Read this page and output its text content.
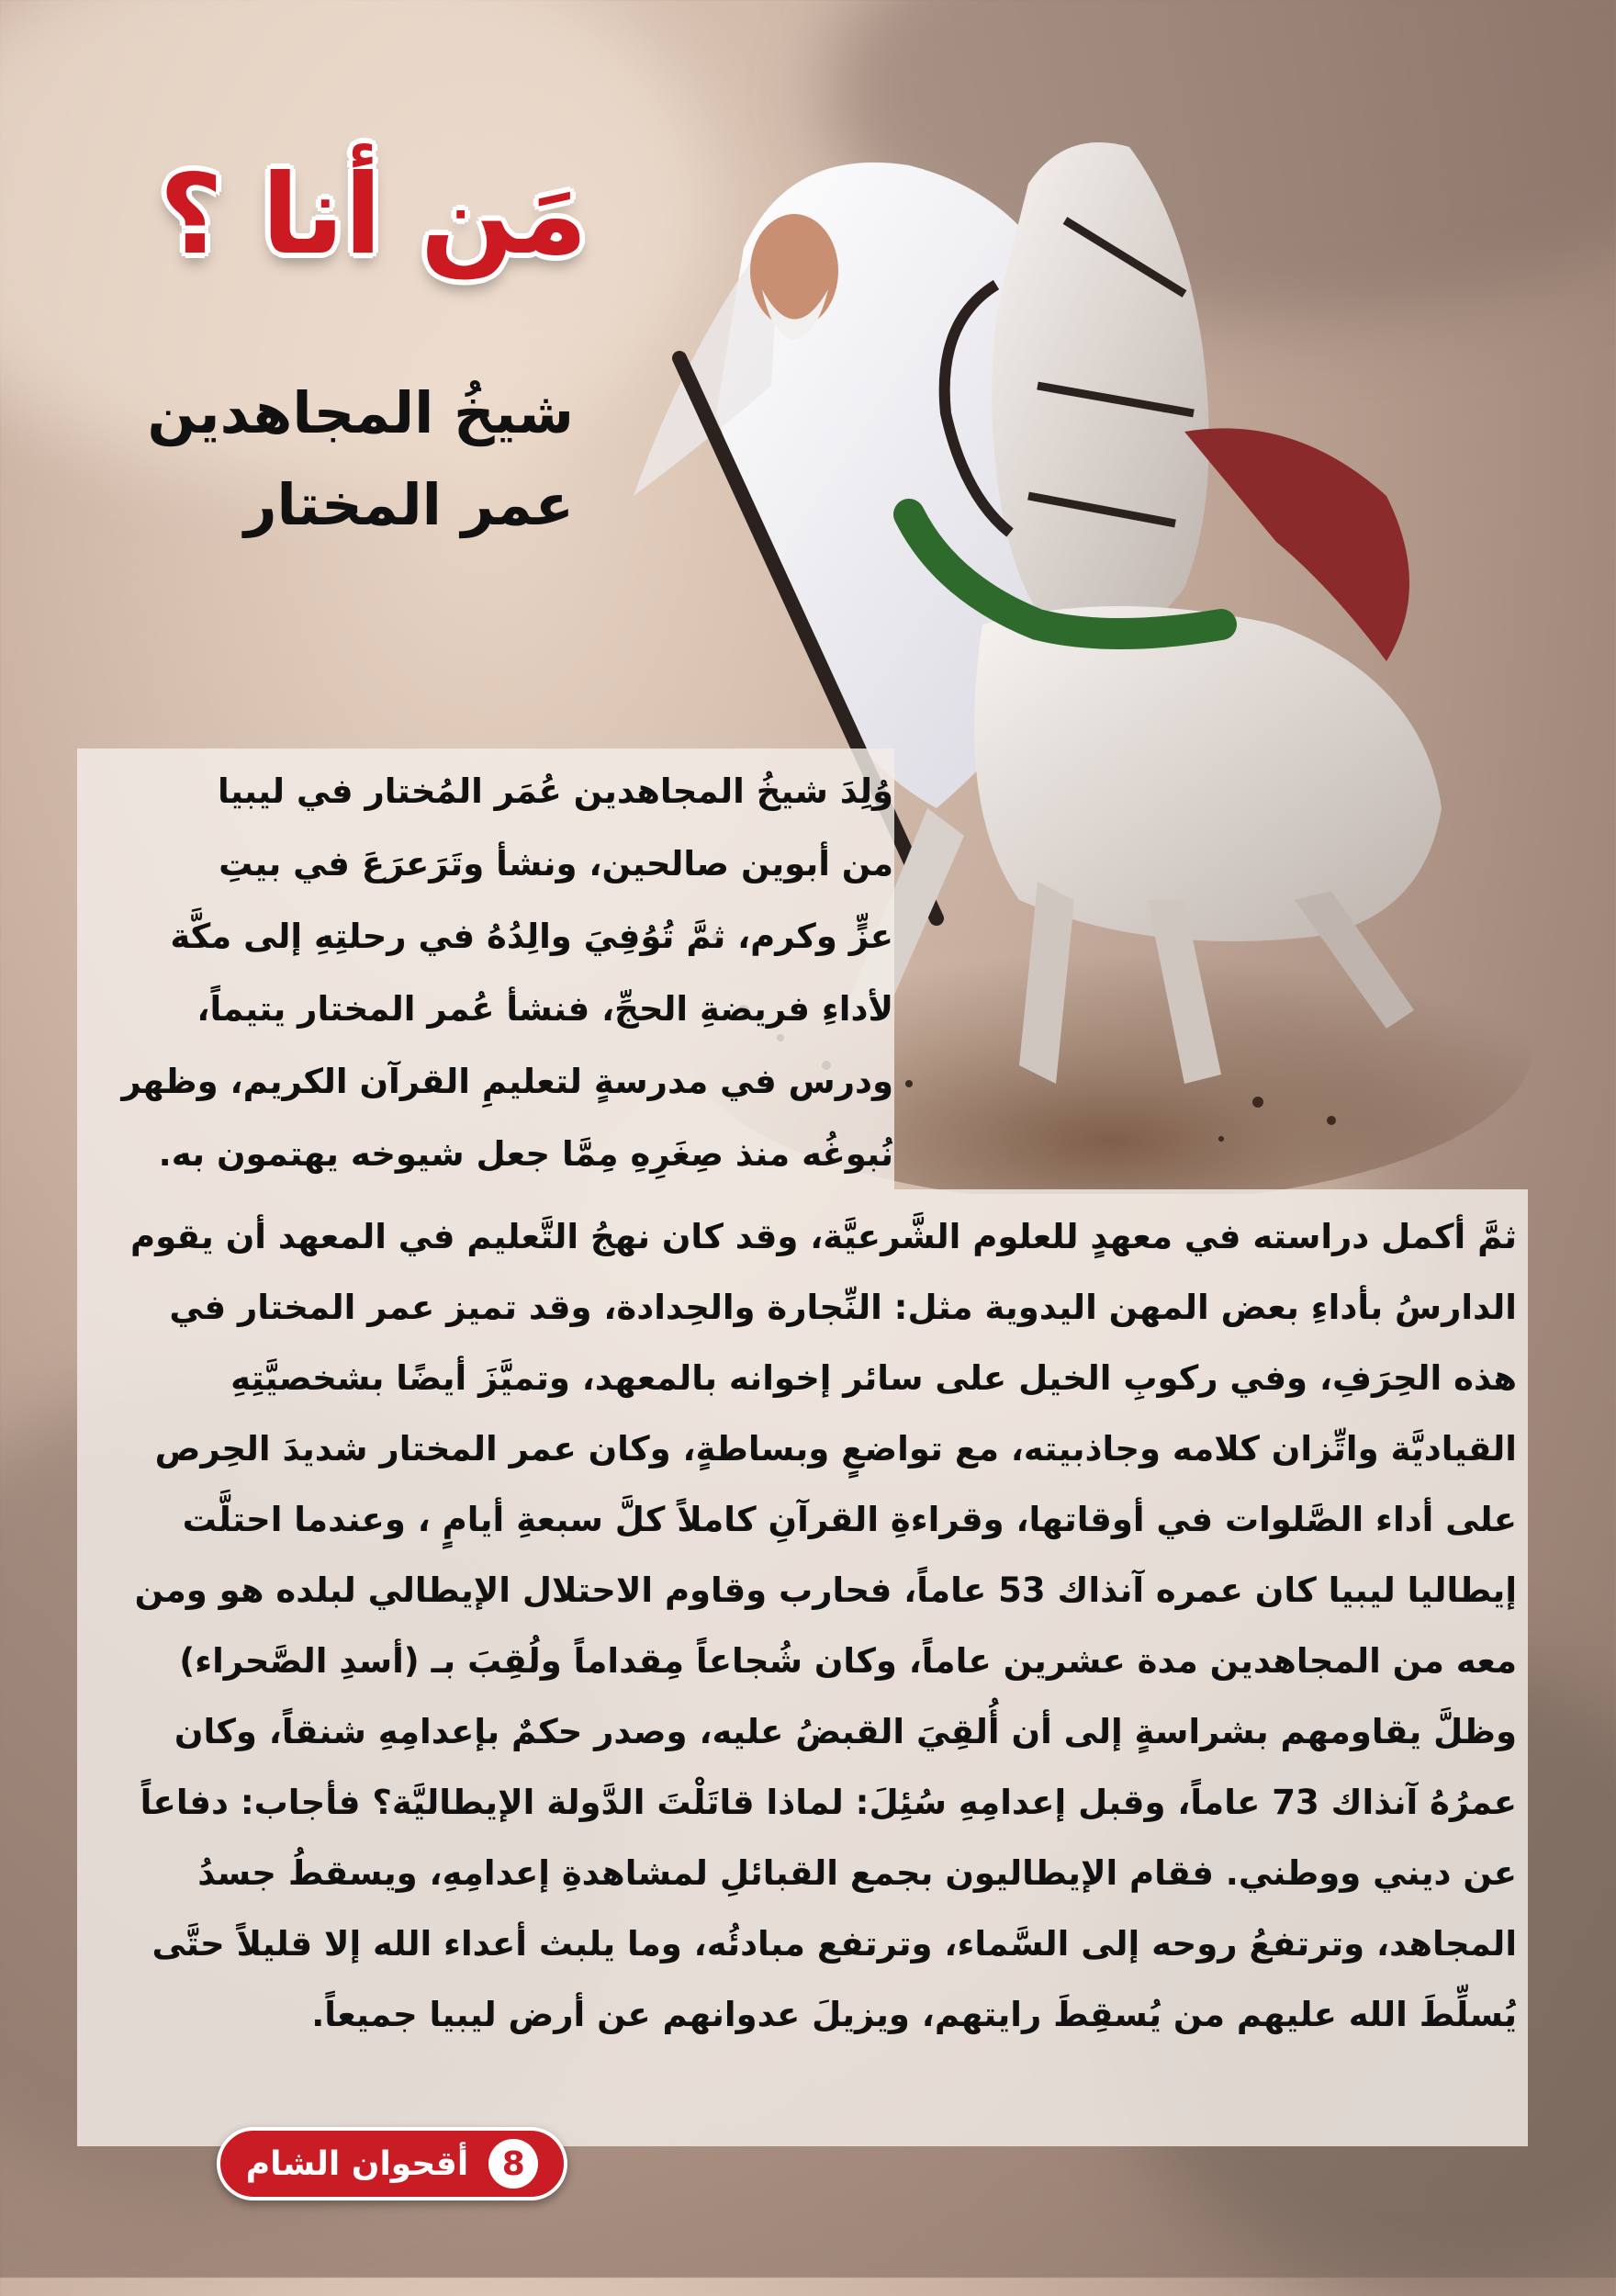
مَن أنا ؟
شيخُ المجاهدين
عمر المختار
وُلِدَ شيخُ المجاهدين عُمَر المُختار في ليبيا
من أبوين صالحين، ونشأ وتَرَعرَعَ في بيتِ
عزٍّ وكرم، ثمَّ تُوُفِيَ والِدُهُ في رحلتِهِ إلى مكَّة
لأداءِ فريضةِ الحجِّ، فنشأ عُمر المختار يتيماً،
ودرس في مدرسةٍ لتعليمِ القرآن الكريم، وظهر
نُبوغُه منذ صِغَرِهِ مِمَّا جعل شيوخه يهتمون به.
ثمَّ أكمل دراسته في معهدٍ للعلوم الشَّرعيَّة، وقد كان نهجُ التَّعليم في المعهد أن يقوم
الدارسُ بأداءِ بعض المهن اليدوية مثل: النِّجارة والحِدادة، وقد تميز عمر المختار في
هذه الحِرَفِ، وفي ركوبِ الخيل على سائر إخوانه بالمعهد، وتميَّزَ أيضًا بشخصيَّتِهِ
القياديَّة واتِّزان كلامه وجاذبيته، مع تواضعٍ وبساطةٍ، وكان عمر المختار شديدَ الحِرص
على أداء الصَّلوات في أوقاتها، وقراءةِ القرآنِ كاملاً كلَّ سبعةِ أيامٍ ، وعندما احتلَّت
إيطاليا ليبيا كان عمره آنذاك 53 عاماً، فحارب وقاوم الاحتلال الإيطالي لبلده هو ومن
معه من المجاهدين مدة عشرين عاماً، وكان شُجاعاً مِقداماً ولُقِبَ بـ (أسدِ الصَّحراء)
وظلَّ يقاومهم بشراسةٍ إلى أن أُلقِيَ القبضُ عليه، وصدر حكمٌ بإعدامِهِ شنقاً، وكان
عمرُهُ آنذاك 73 عاماً، وقبل إعدامِهِ سُئِلَ: لماذا قاتَلْتَ الدَّولة الإيطاليَّة؟ فأجاب: دفاعاً
عن ديني ووطني. فقام الإيطاليون بجمع القبائلِ لمشاهدةِ إعدامِهِ، ويسقطُ جسدُ
المجاهد، وترتفعُ روحه إلى السَّماء، وترتفع مبادئُه، وما يلبث أعداء الله إلا قليلاً حتَّى
يُسلِّطَ الله عليهم من يُسقِطَ رايتهم، ويزيلَ عدوانهم عن أرض ليبيا جميعاً.
8
أقحوان الشام
